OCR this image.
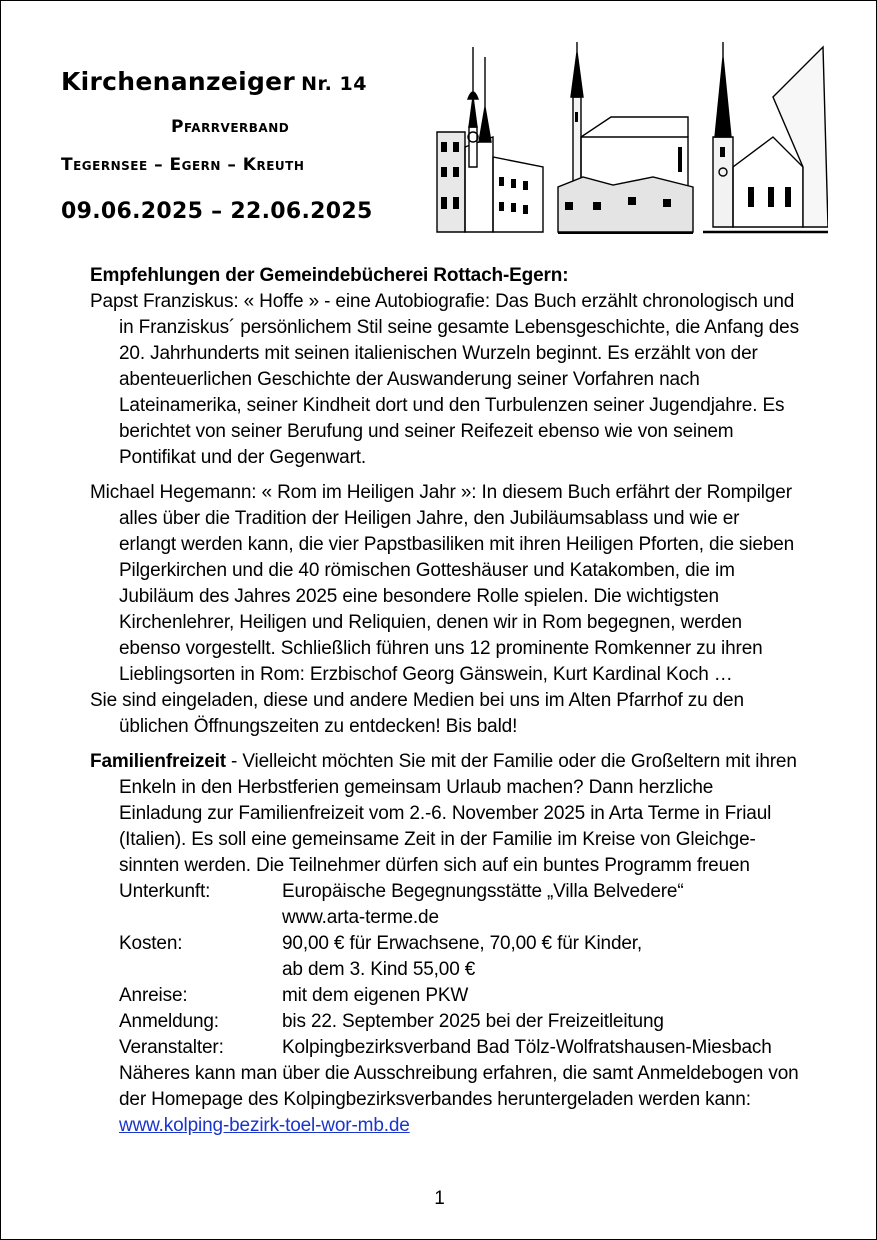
Kirchenanzeiger Nr. 14
Pfarrverband
Tegernsee – Egern – Kreuth
09.06.2025 – 22.06.2025
Empfehlungen der Gemeindebücherei Rottach-Egern:

Papst Franziskus: « Hoffe » - eine Autobiografie: Das Buch erzählt chronologisch und in Franziskus´ persönlichem Stil seine gesamte Lebensgeschichte, die Anfang des 20. Jahrhunderts mit seinen italienischen Wurzeln beginnt. Es erzählt von der abenteuerlichen Geschichte der Auswanderung seiner Vorfahren nach Lateinamerika, seiner Kindheit dort und den Turbulenzen seiner Jugendjahre. Es berichtet von seiner Berufung und seiner Reifezeit ebenso wie von seinem Pontifikat und der Gegenwart.

Michael Hegemann: « Rom im Heiligen Jahr »: In diesem Buch erfährt der Rompilger alles über die Tradition der Heiligen Jahre, den Jubiläumsablass und wie er erlangt werden kann, die vier Papstbasiliken mit ihren Heiligen Pforten, die sieben Pilgerkirchen und die 40 römischen Gotteshäuser und Katakomben, die im Jubiläum des Jahres 2025 eine besondere Rolle spielen. Die wichtigsten Kirchenlehrer, Heiligen und Reliquien, denen wir in Rom begegnen, werden ebenso vorgestellt. Schließlich führen uns 12 prominente Romkenner zu ihren Lieblingsorten in Rom: Erzbischof Georg Gänswein, Kurt Kardinal Koch …

Sie sind eingeladen, diese und andere Medien bei uns im Alten Pfarrhof zu den üblichen Öffnungszeiten zu entdecken! Bis bald!

Familienfreizeit - Vielleicht möchten Sie mit der Familie oder die Großeltern mit ihren Enkeln in den Herbstferien gemeinsam Urlaub machen? Dann herzliche Einladung zur Familienfreizeit vom 2.-6. November 2025 in Arta Terme in Friaul (Italien). Es soll eine gemeinsame Zeit in der Familie im Kreise von Gleichge-sinnten werden. Die Teilnehmer dürfen sich auf ein buntes Programm freuen

Unterkunft:	Europäische Begegnungsstätte „Villa Belvedere“
www.arta-terme.de
Kosten:	90,00 € für Erwachsene, 70,00 € für Kinder,
ab dem 3. Kind 55,00 €
Anreise:	mit dem eigenen PKW
Anmeldung:	bis 22. September 2025 bei der Freizeitleitung
Veranstalter:	Kolpingbezirksverband Bad Tölz-Wolfratshausen-Miesbach
Näheres kann man über die Ausschreibung erfahren, die samt Anmeldebogen von der Homepage des Kolpingbezirksverbandes heruntergeladen werden kann: www.kolping-bezirk-toel-wor-mb.de
1
